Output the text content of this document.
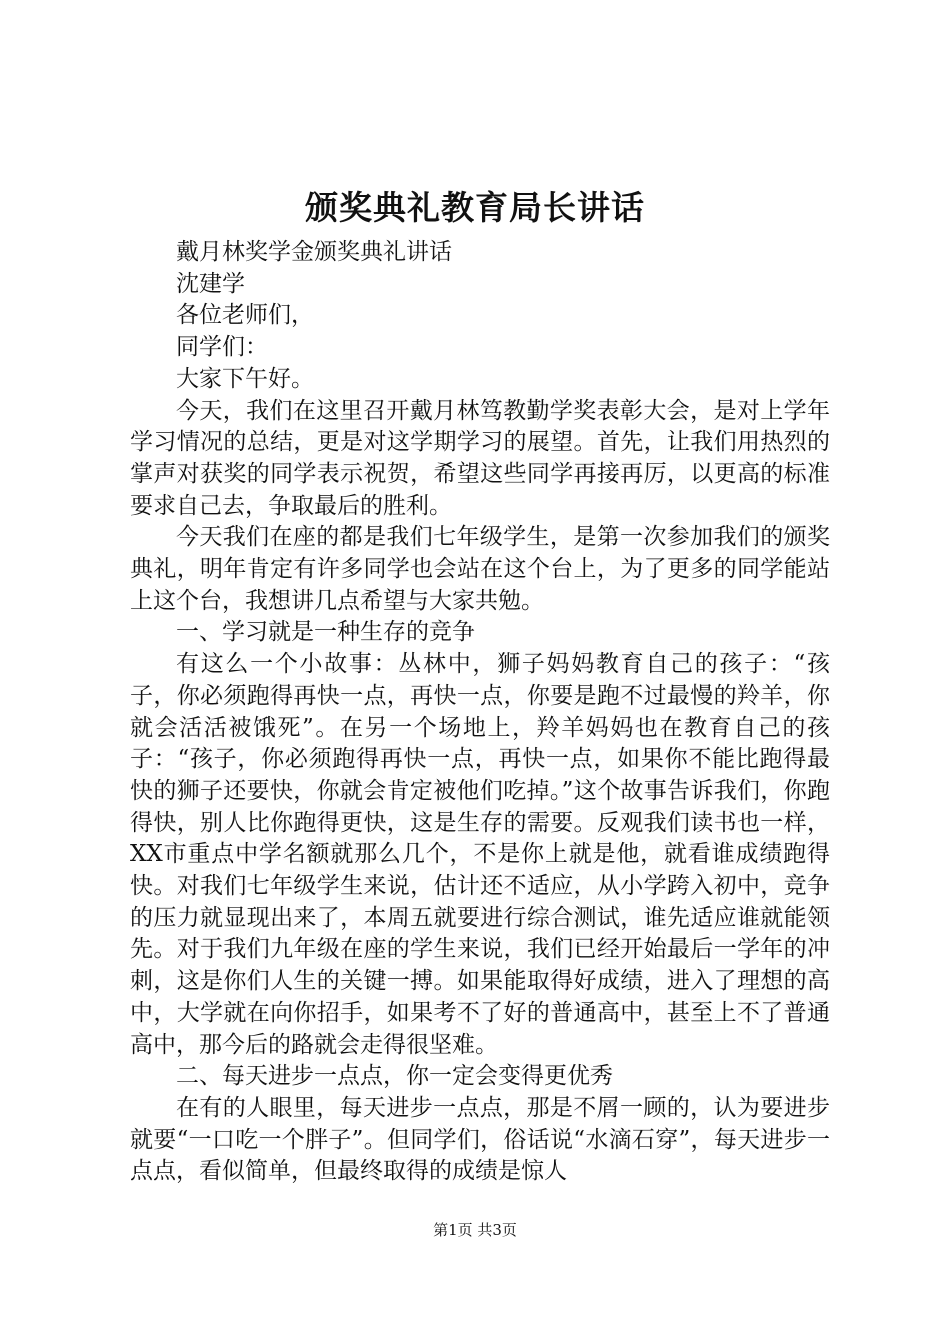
颁奖典礼教育局长讲话

戴月林奖学金颁奖典礼讲话

沈建学

各位老师们，

同学们：

大家下午好。

今天，我们在这里召开戴月林笃教勤学奖表彰大会，是对上学年学习情况的总结，更是对这学期学习的展望。首先，让我们用热烈的掌声对获奖的同学表示祝贺，希望这些同学再接再厉，以更高的标准要求自己去，争取最后的胜利。

今天我们在座的都是我们七年级学生，是第一次参加我们的颁奖典礼，明年肯定有许多同学也会站在这个台上，为了更多的同学能站上这个台，我想讲几点希望与大家共勉。

一、学习就是一种生存的竞争

有这么一个小故事：丛林中，狮子妈妈教育自己的孩子：“孩子，你必须跑得再快一点，再快一点，你要是跑不过最慢的羚羊，你就会活活被饿死”。在另一个场地上，羚羊妈妈也在教育自己的孩子：“孩子，你必须跑得再快一点，再快一点，如果你不能比跑得最快的狮子还要快，你就会肯定被他们吃掉。”这个故事告诉我们，你跑得快，别人比你跑得更快，这是生存的需要。反观我们读书也一样，XX市重点中学名额就那么几个，不是你上就是他，就看谁成绩跑得快。对我们七年级学生来说，估计还不适应，从小学跨入初中，竞争的压力就显现出来了，本周五就要进行综合测试，谁先适应谁就能领先。对于我们九年级在座的学生来说，我们已经开始最后一学年的冲刺，这是你们人生的关键一搏。如果能取得好成绩，进入了理想的高中，大学就在向你招手，如果考不了好的普通高中，甚至上不了普通高中，那今后的路就会走得很坚难。

二、每天进步一点点，你一定会变得更优秀

在有的人眼里，每天进步一点点，那是不屑一顾的，认为要进步就要“一口吃一个胖子”。但同学们，俗话说“水滴石穿”，每天进步一点点，看似简单，但最终取得的成绩是惊人

第1页 共3页
